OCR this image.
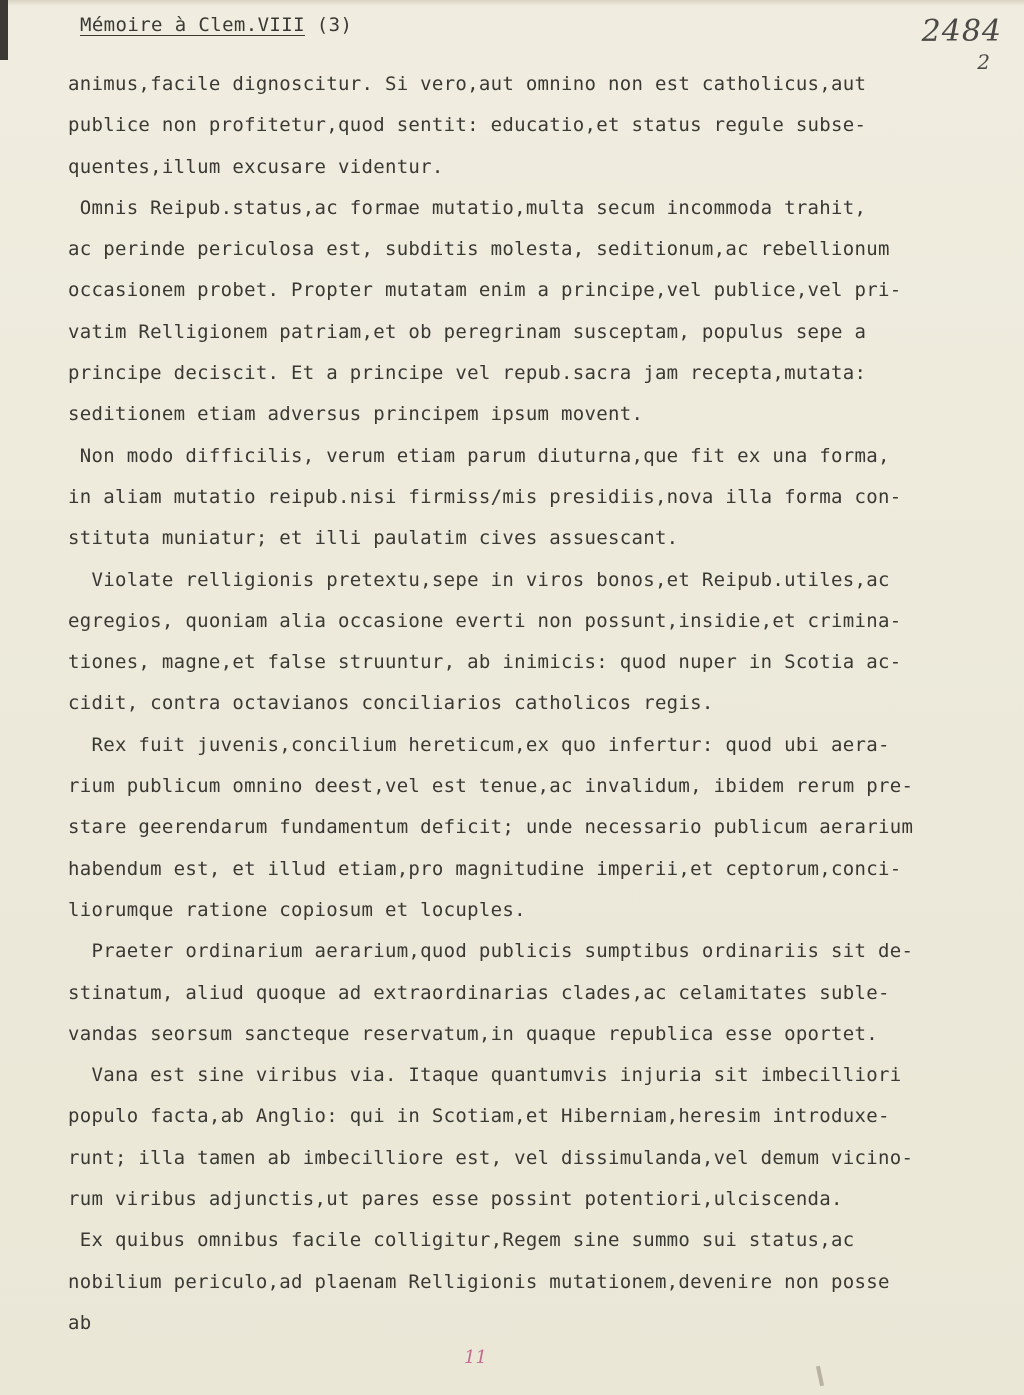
Mémoire à Clem.VIII (3)	2484
2

animus,facile dignoscitur. Si vero,aut omnino non est catholicus,aut

publice non profitetur,quod sentit: educatio,et status regule subse-

quentes,illum excusare videntur.

Omnis Reipub.status,ac formae mutatio,multa secum incommoda trahit,

ac perinde periculosa est, subditis molesta, seditionum,ac rebellionum

occasionem probet. Propter mutatam enim a principe,vel publice,vel pri-

vatim Relligionem patriam,et ob peregrinam susceptam, populus sepe a

principe deciscit. Et a principe vel repub.sacra jam recepta,mutata:

seditionem etiam adversus principem ipsum movent.

Non modo difficilis, verum etiam parum diuturna,que fit ex una forma,

in aliam mutatio reipub.nisi firmiss/mis presidiis,nova illa forma con-

stituta muniatur; et illi paulatim cives assuescant.

Violate relligionis pretextu,sepe in viros bonos,et Reipub.utiles,ac

egregios, quoniam alia occasione everti non possunt,insidie,et crimina-

tiones, magne,et false struuntur, ab inimicis: quod nuper in Scotia ac-

cidit, contra octavianos conciliarios catholicos regis.

Rex fuit juvenis,concilium hereticum,ex quo infertur: quod ubi aera-

rium publicum omnino deest,vel est tenue,ac invalidum, ibidem rerum pre-

stare geerendarum fundamentum deficit; unde necessario publicum aerarium

habendum est, et illud etiam,pro magnitudine imperii,et ceptorum,conci-

liorumque ratione copiosum et locuples.

Praeter ordinarium aerarium,quod publicis sumptibus ordinariis sit de-

stinatum, aliud quoque ad extraordinarias clades,ac celamitates suble-

vandas seorsum sancteque reservatum,in quaque republica esse oportet.

Vana est sine viribus via. Itaque quantumvis injuria sit imbecilliori

populo facta,ab Anglio: qui in Scotiam,et Hiberniam,heresim introduxe-

runt; illa tamen ab imbecilliore est, vel dissimulanda,vel demum vicino-

rum viribus adjunctis,ut pares esse possint potentiori,ulciscenda.

Ex quibus omnibus facile colligitur,Regem sine summo sui status,ac

nobilium periculo,ad plaenam Relligionis mutationem,devenire non posse

ab

11
